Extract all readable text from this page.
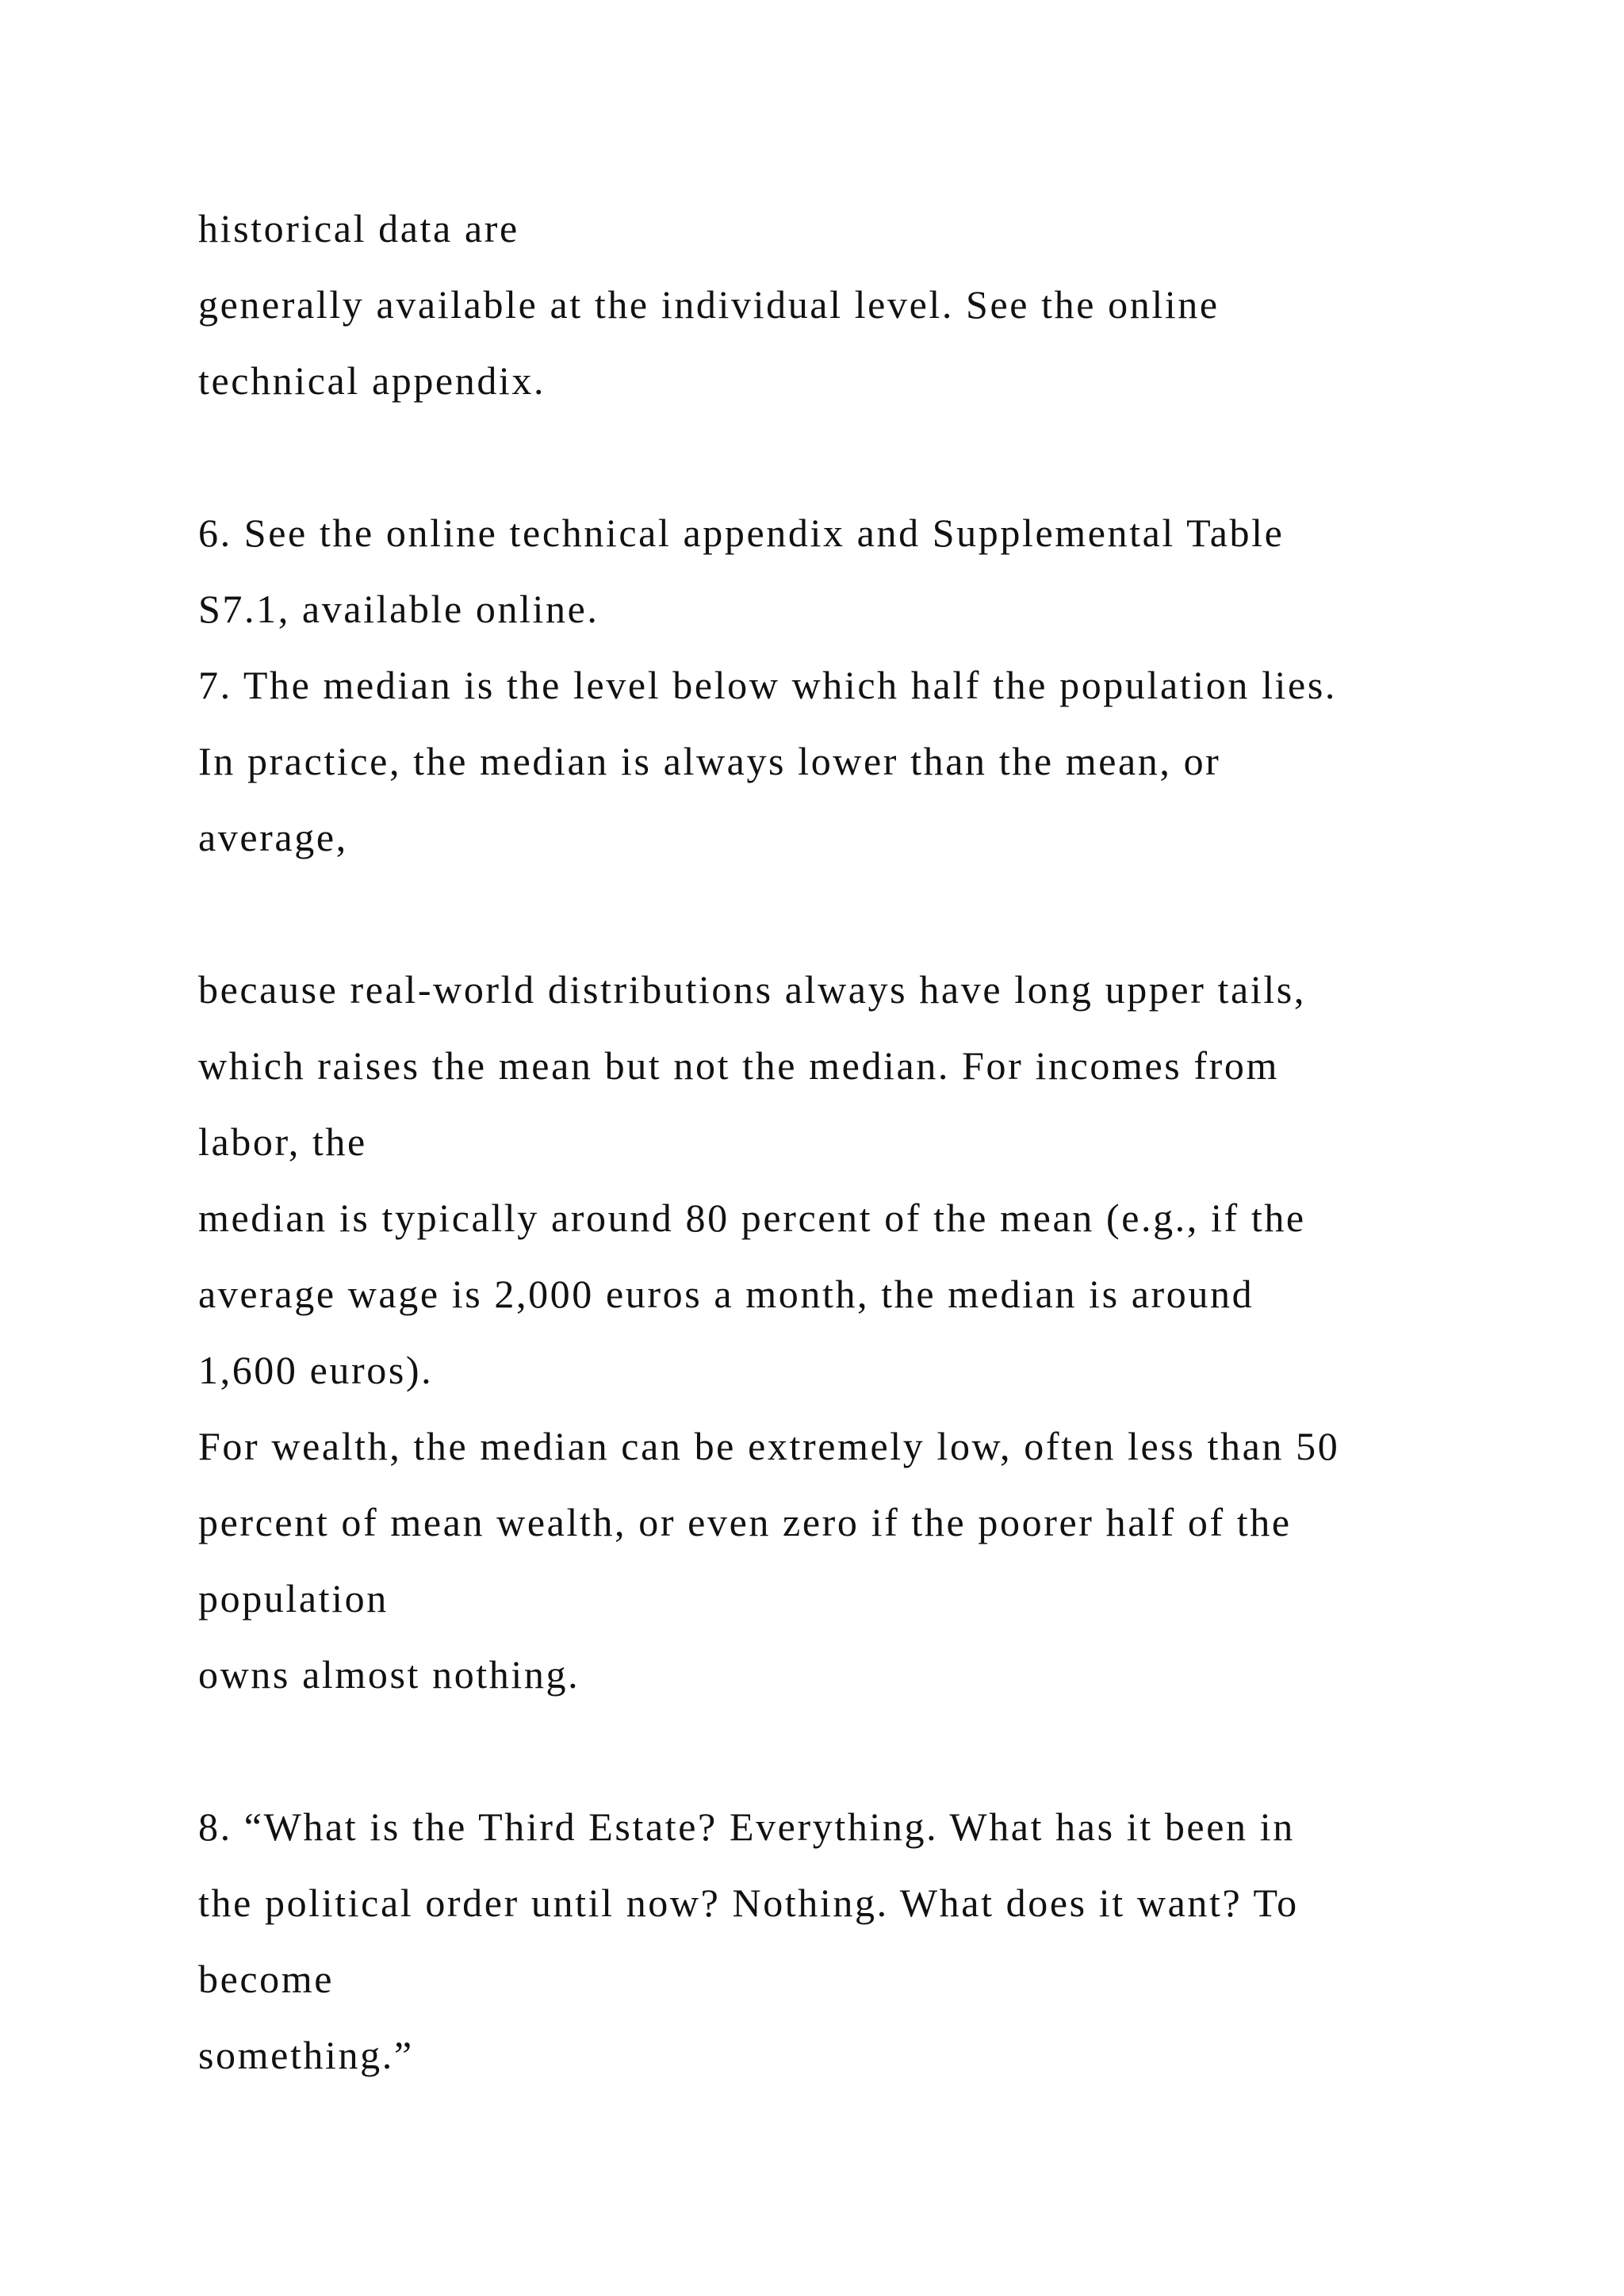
historical data are
generally available at the individual level. See the online
technical appendix.
6. See the online technical appendix and Supplemental Table
S7.1, available online.
7. The median is the level below which half the population lies.
In practice, the median is always lower than the mean, or
average,
because real-world distributions always have long upper tails,
which raises the mean but not the median. For incomes from
labor, the
median is typically around 80 percent of the mean (e.g., if the
average wage is 2,000 euros a month, the median is around
1,600 euros).
For wealth, the median can be extremely low, often less than 50
percent of mean wealth, or even zero if the poorer half of the
population
owns almost nothing.
8. “What is the Third Estate? Everything. What has it been in
the political order until now? Nothing. What does it want? To
become
something.”
